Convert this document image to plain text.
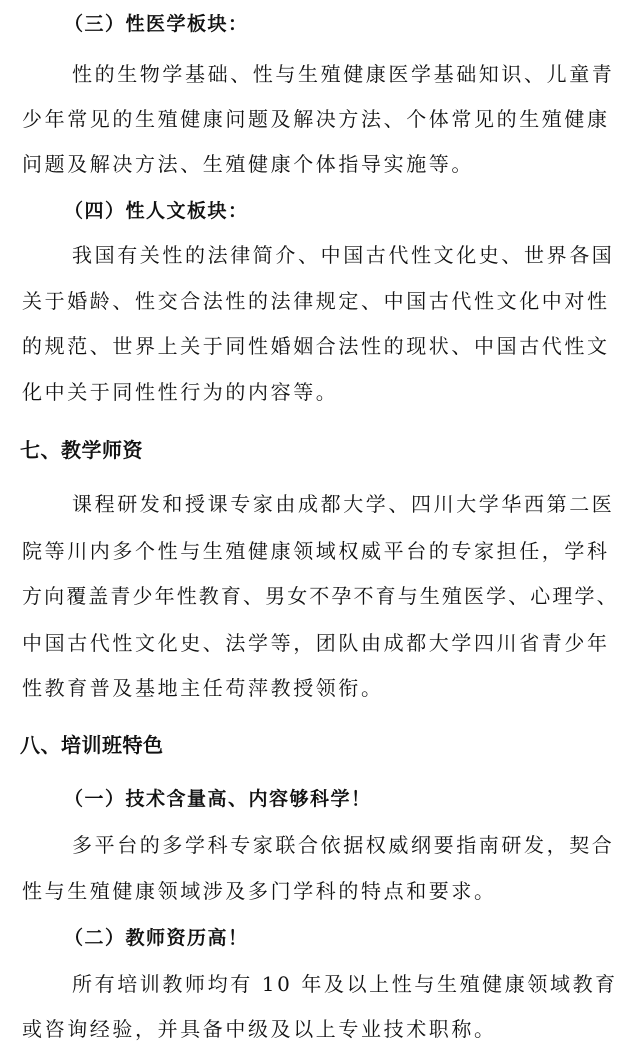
（三）性医学板块：
性的生物学基础、性与生殖健康医学基础知识、儿童青
少年常见的生殖健康问题及解决方法、个体常见的生殖健康
问题及解决方法、生殖健康个体指导实施等。
（四）性人文板块：
我国有关性的法律简介、中国古代性文化史、世界各国
关于婚龄、性交合法性的法律规定、中国古代性文化中对性
的规范、世界上关于同性婚姻合法性的现状、中国古代性文
化中关于同性性行为的内容等。
七、教学师资
课程研发和授课专家由成都大学、四川大学华西第二医
院等川内多个性与生殖健康领域权威平台的专家担任，学科
方向覆盖青少年性教育、男女不孕不育与生殖医学、心理学、
中国古代性文化史、法学等，团队由成都大学四川省青少年
性教育普及基地主任苟萍教授领衔。
八、培训班特色
（一）技术含量高、内容够科学！
多平台的多学科专家联合依据权威纲要指南研发，契合
性与生殖健康领域涉及多门学科的特点和要求。
（二）教师资历高！
所有培训教师均有 10 年及以上性与生殖健康领域教育
或咨询经验，并具备中级及以上专业技术职称。
